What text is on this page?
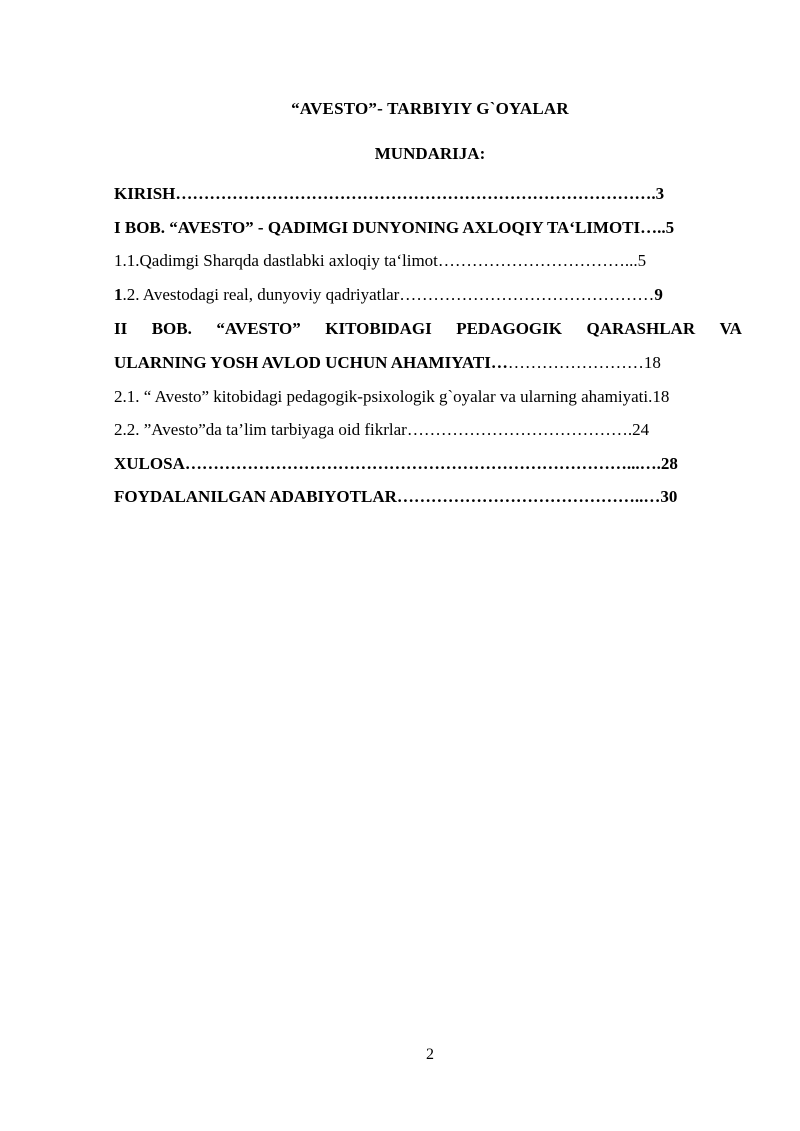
“AVESTO”- TARBIYIY G`OYALAR
MUNDARIJA:
KIRISH………………………………………………………………………….3
I BOB. “AVESTO” - QADIMGI DUNYONING AXLOQIY TA‘LIMOTI…..5
1.1.Qadimgi Sharqda dastlabki axloqiy ta‘limot……………………………...5
1.2. Avestodagi real, dunyoviy qadriyatlar………………………………………9
II BOB. “AVESTO” KITOBIDAGI PEDAGOGIK QARASHLAR VA
ULARNING YOSH AVLOD UCHUN AHAMIYATI………………………18
2.1. “ Avesto” kitobidagi pedagogik-psixologik g`oyalar va ularning ahamiyati.18
2.2. ”Avesto”da ta’lim tarbiyaga oid fikrlar………………………………….24
XULOSA……………………………………………………………………...….28
FOYDALANILGAN ADABIYOTLAR……………………………………..…30
2
